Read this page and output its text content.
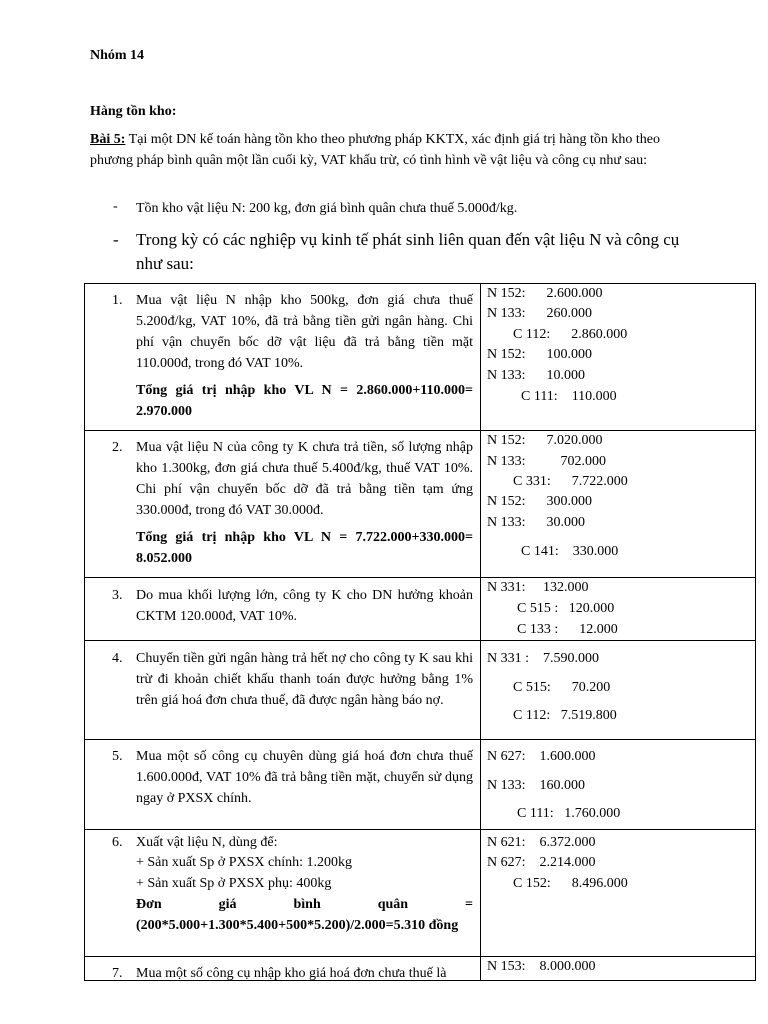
Nhóm 14
Hàng tồn kho:
Bài 5: Tại một DN kế toán hàng tồn kho theo phương pháp KKTX, xác định giá trị hàng tồn kho theo phương pháp bình quân một lần cuối kỳ, VAT khấu trừ, có tình hình về vật liệu và công cụ như sau:
- Tồn kho vật liệu N: 200 kg, đơn giá bình quân chưa thuế 5.000đ/kg.
- Trong kỳ có các nghiệp vụ kinh tế phát sinh liên quan đến vật liệu N và công cụ như sau:
1. Mua vật liệu N nhập kho 500kg, đơn giá chưa thuế 5.200đ/kg, VAT 10%, đã trả bằng tiền gửi ngân hàng. Chi phí vận chuyển bốc dỡ vật liệu đã trả bằng tiền mặt 110.000đ, trong đó VAT 10%.
Tổng giá trị nhập kho VL N = 2.860.000+110.000= 2.970.000
N 152:      2.600.000
N 133:      260.000
C 112:      2.860.000
N 152:      100.000
N 133:      10.000
C 111:    110.000
2. Mua vật liệu N của công ty K chưa trả tiền, số lượng nhập kho 1.300kg, đơn giá chưa thuế 5.400đ/kg, thuế VAT 10%. Chi phí vận chuyển bốc dỡ đã trả bằng tiền tạm ứng 330.000đ, trong đó VAT 30.000đ.
Tổng giá trị nhập kho VL N = 7.722.000+330.000= 8.052.000
N 152:      7.020.000
N 133:          702.000
C 331:      7.722.000
N 152:      300.000
N 133:      30.000
C 141:    330.000
3. Do mua khối lượng lớn, công ty K cho DN hưởng khoản CKTM 120.000đ, VAT 10%.
N 331:     132.000
C 515 :   120.000
C 133 :      12.000
4. Chuyển tiền gửi ngân hàng trả hết nợ cho công ty K sau khi trừ đi khoản chiết khấu thanh toán được hưởng bằng 1% trên giá hoá đơn chưa thuế, đã được ngân hàng báo nợ.
N 331 :    7.590.000
C 515:      70.200
C 112:   7.519.800
5. Mua một số công cụ chuyên dùng giá hoá đơn chưa thuế 1.600.000đ, VAT 10% đã trả bằng tiền mặt, chuyển sử dụng ngay ở PXSX chính.
N 627:    1.600.000
N 133:    160.000
C 111:   1.760.000
6. Xuất vật liệu N, dùng để:
+ Sản xuất Sp ở PXSX chính: 1.200kg
+ Sản xuất Sp ở PXSX phụ: 400kg
Đơn giá bình quân = (200*5.000+1.300*5.400+500*5.200)/2.000=5.310 đồng
N 621:    6.372.000
N 627:    2.214.000
C 152:      8.496.000
7. Mua một số công cụ nhập kho giá hoá đơn chưa thuế là	N 153:    8.000.000
